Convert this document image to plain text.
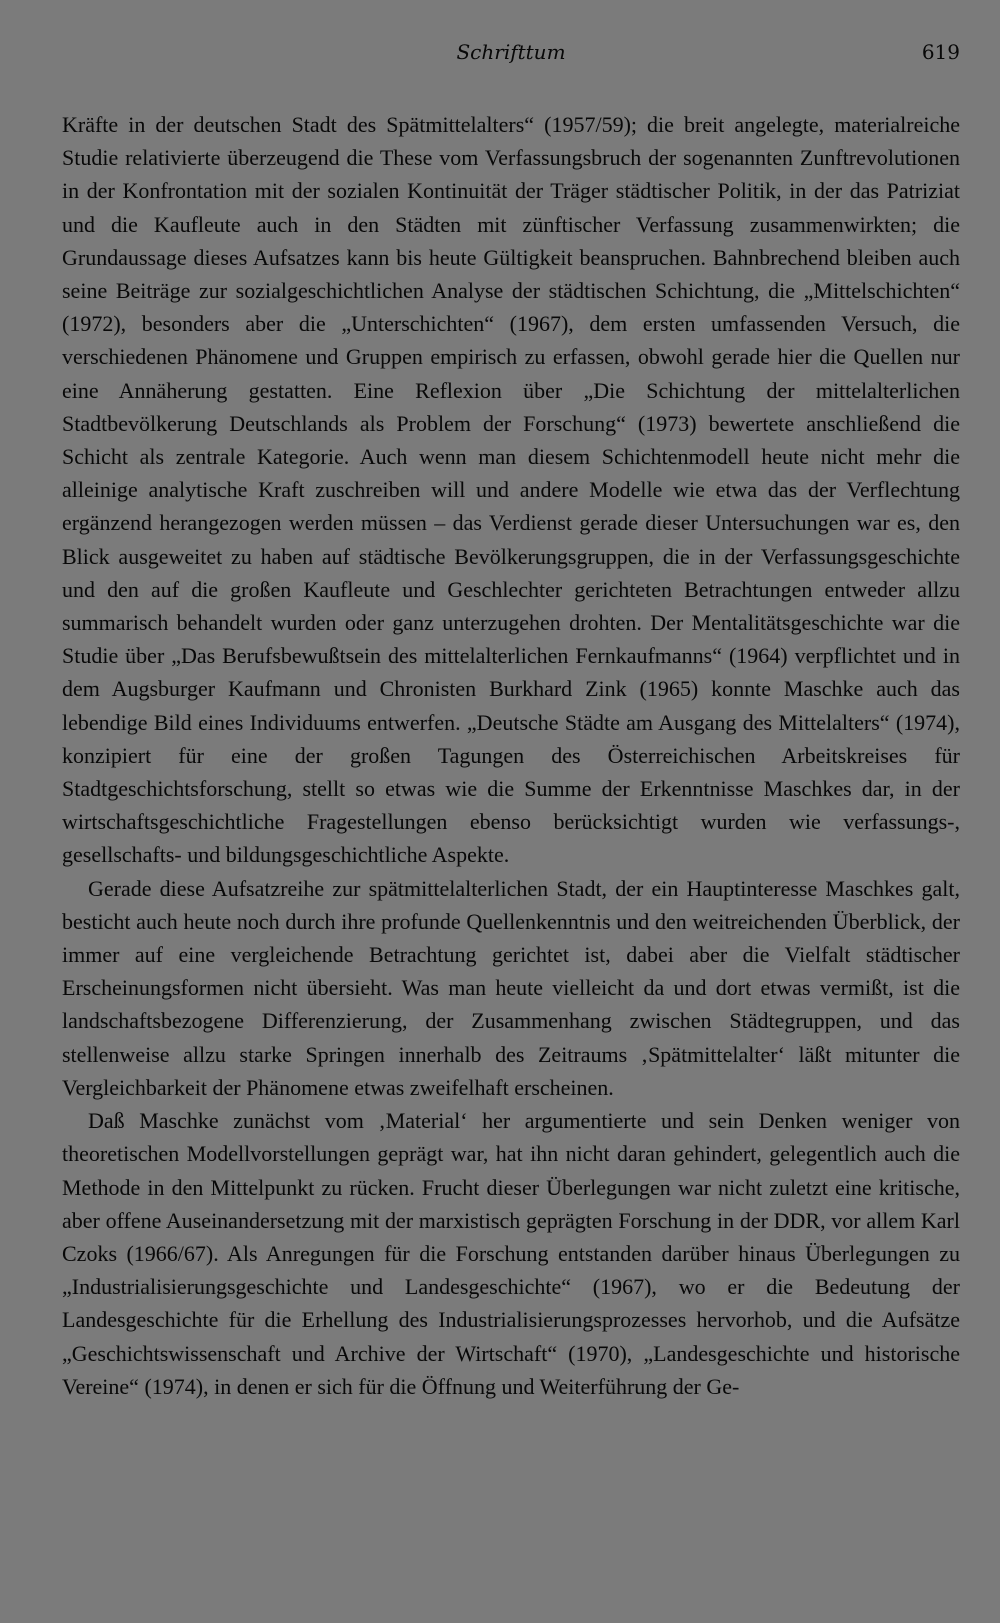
Schrifttum	619

Kräfte in der deutschen Stadt des Spätmittelalters“ (1957/59); die breit angelegte, materialreiche Studie relativierte überzeugend die These vom Verfassungsbruch der sogenannten Zunftrevolutionen in der Konfrontation mit der sozialen Kontinuität der Träger städtischer Politik, in der das Patriziat und die Kaufleute auch in den Städten mit zünftischer Verfassung zusammenwirkten; die Grundaussage dieses Aufsatzes kann bis heute Gültigkeit beanspruchen. Bahnbrechend bleiben auch seine Beiträge zur sozialgeschichtlichen Analyse der städtischen Schichtung, die „Mittelschichten“ (1972), besonders aber die „Unterschichten“ (1967), dem ersten umfassenden Versuch, die verschiedenen Phänomene und Gruppen empirisch zu erfassen, obwohl gerade hier die Quellen nur eine Annäherung gestatten. Eine Reflexion über „Die Schichtung der mittelalterlichen Stadtbevölkerung Deutschlands als Problem der Forschung“ (1973) bewertete anschließend die Schicht als zentrale Kategorie. Auch wenn man diesem Schichtenmodell heute nicht mehr die alleinige analytische Kraft zuschreiben will und andere Modelle wie etwa das der Verflechtung ergänzend herangezogen werden müssen – das Verdienst gerade dieser Untersuchungen war es, den Blick ausgeweitet zu haben auf städtische Bevölkerungsgruppen, die in der Verfassungsgeschichte und den auf die großen Kaufleute und Geschlechter gerichteten Betrachtungen entweder allzu summarisch behandelt wurden oder ganz unterzugehen drohten. Der Mentalitätsgeschichte war die Studie über „Das Berufsbewußtsein des mittelalterlichen Fernkaufmanns“ (1964) verpflichtet und in dem Augsburger Kaufmann und Chronisten Burkhard Zink (1965) konnte Maschke auch das lebendige Bild eines Individuums entwerfen. „Deutsche Städte am Ausgang des Mittelalters“ (1974), konzipiert für eine der großen Tagungen des Österreichischen Arbeitskreises für Stadtgeschichtsforschung, stellt so etwas wie die Summe der Erkenntnisse Maschkes dar, in der wirtschaftsgeschichtliche Fragestellungen ebenso berücksichtigt wurden wie verfassungs-, gesellschafts- und bildungsgeschichtliche Aspekte.

Gerade diese Aufsatzreihe zur spätmittelalterlichen Stadt, der ein Hauptinteresse Maschkes galt, besticht auch heute noch durch ihre profunde Quellenkenntnis und den weitreichenden Überblick, der immer auf eine vergleichende Betrachtung gerichtet ist, dabei aber die Vielfalt städtischer Erscheinungsformen nicht übersieht. Was man heute vielleicht da und dort etwas vermißt, ist die landschaftsbezogene Differenzierung, der Zusammenhang zwischen Städtegruppen, und das stellenweise allzu starke Springen innerhalb des Zeitraums ‚Spätmittelalter‘ läßt mitunter die Vergleichbarkeit der Phänomene etwas zweifelhaft erscheinen.

Daß Maschke zunächst vom ‚Material‘ her argumentierte und sein Denken weniger von theoretischen Modellvorstellungen geprägt war, hat ihn nicht daran gehindert, gelegentlich auch die Methode in den Mittelpunkt zu rücken. Frucht dieser Überlegungen war nicht zuletzt eine kritische, aber offene Auseinandersetzung mit der marxistisch geprägten Forschung in der DDR, vor allem Karl Czoks (1966/67). Als Anregungen für die Forschung entstanden darüber hinaus Überlegungen zu „Industrialisierungsgeschichte und Landesgeschichte“ (1967), wo er die Bedeutung der Landesgeschichte für die Erhellung des Industrialisierungsprozesses hervorhob, und die Aufsätze „Geschichtswissenschaft und Archive der Wirtschaft“ (1970), „Landesgeschichte und historische Vereine“ (1974), in denen er sich für die Öffnung und Weiterführung der Ge-
